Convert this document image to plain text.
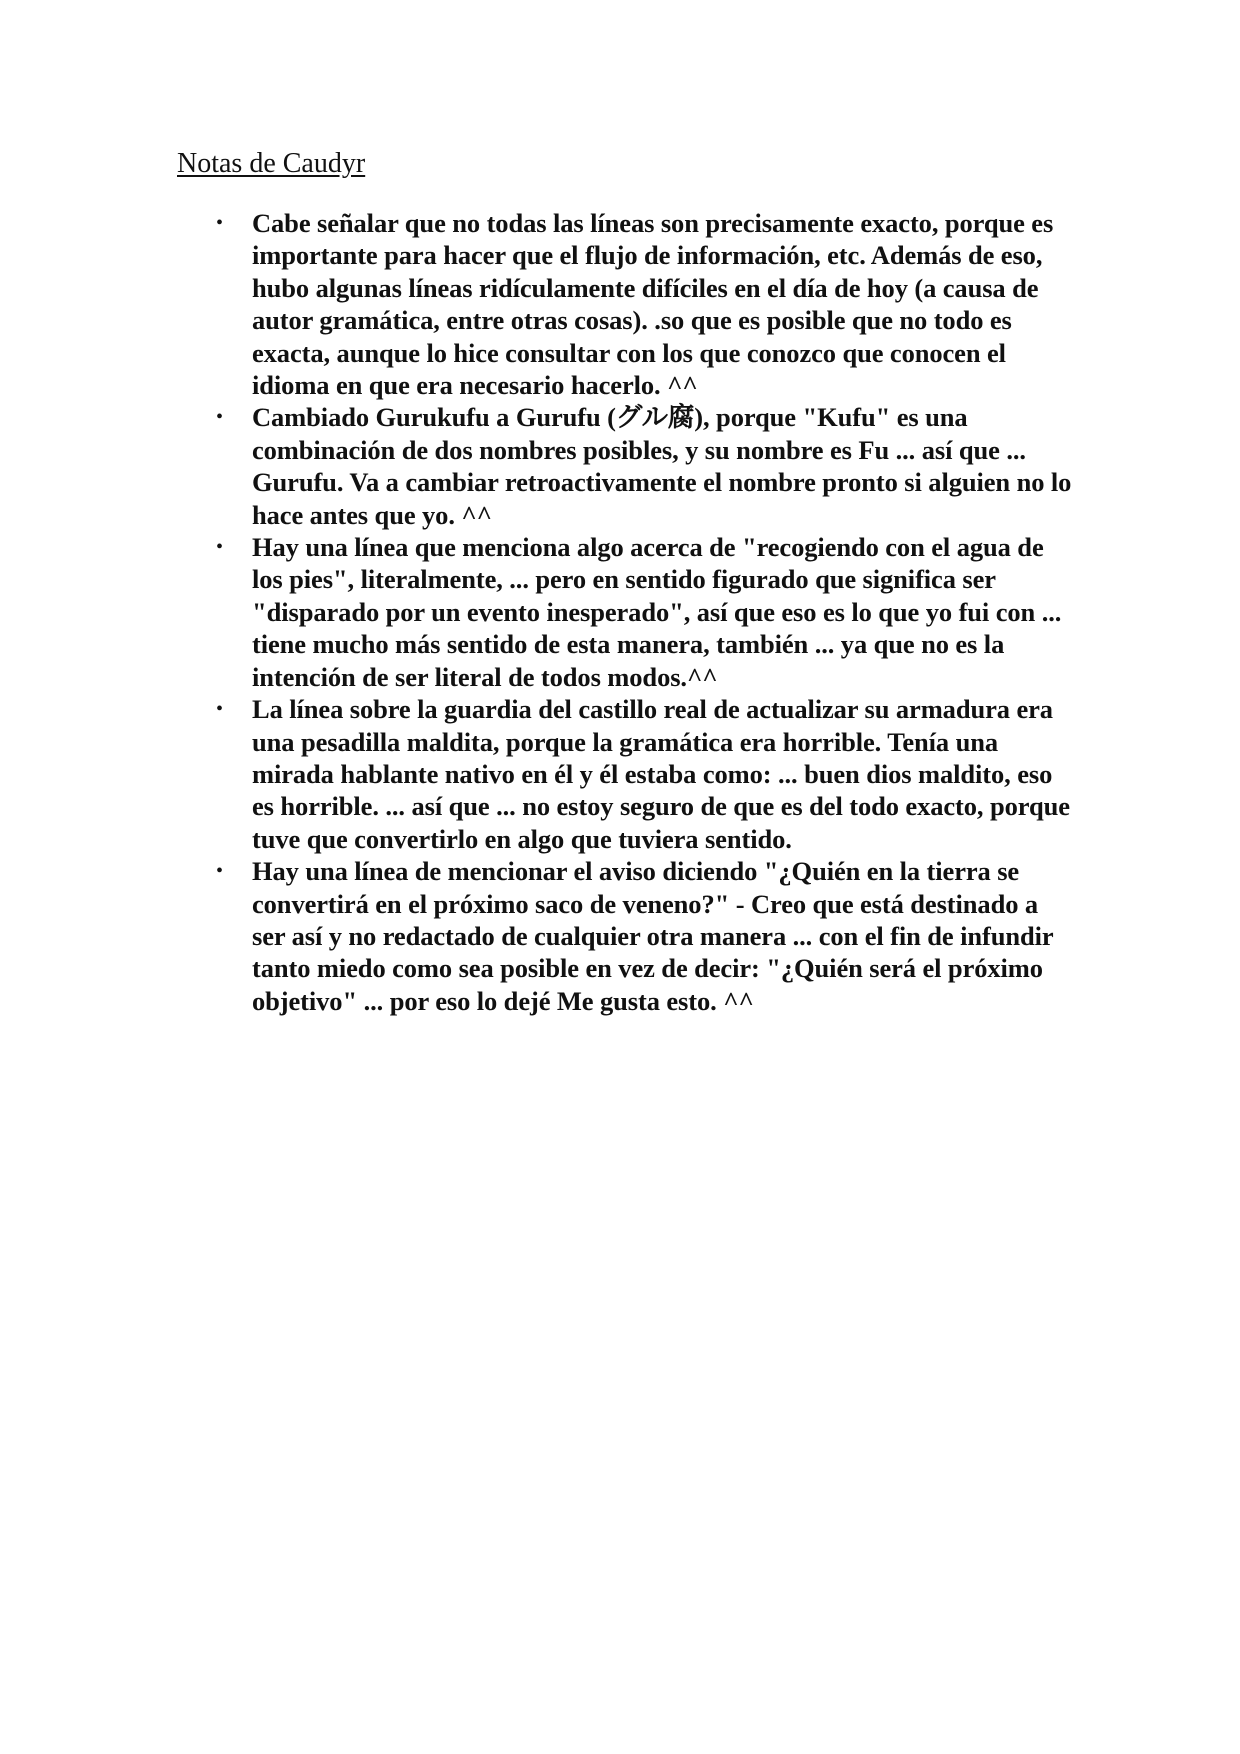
Notas de Caudyr
• Cabe señalar que no todas las líneas son precisamente exacto, porque es importante para hacer que el flujo de información, etc. Además de eso, hubo algunas líneas ridículamente difíciles en el día de hoy (a causa de autor gramática, entre otras cosas). .so que es posible que no todo es exacta, aunque lo hice consultar con los que conozco que conocen el idioma en que era necesario hacerlo. ^^
• Cambiado Gurukufu a Gurufu (グル腐), porque "Kufu" es una combinación de dos nombres posibles, y su nombre es Fu ... así que ... Gurufu. Va a cambiar retroactivamente el nombre pronto si alguien no lo hace antes que yo. ^^
• Hay una línea que menciona algo acerca de "recogiendo con el agua de los pies", literalmente, ... pero en sentido figurado que significa ser "disparado por un evento inesperado", así que eso es lo que yo fui con ... tiene mucho más sentido de esta manera, también ... ya que no es la intención de ser literal de todos modos.^^
• La línea sobre la guardia del castillo real de actualizar su armadura era una pesadilla maldita, porque la gramática era horrible. Tenía una mirada hablante nativo en él y él estaba como: ... buen dios maldito, eso es horrible. ... así que ... no estoy seguro de que es del todo exacto, porque tuve que convertirlo en algo que tuviera sentido.
• Hay una línea de mencionar el aviso diciendo "¿Quién en la tierra se convertirá en el próximo saco de veneno?" - Creo que está destinado a ser así y no redactado de cualquier otra manera ... con el fin de infundir tanto miedo como sea posible en vez de decir: "¿Quién será el próximo objetivo" ... por eso lo dejé Me gusta esto. ^^
